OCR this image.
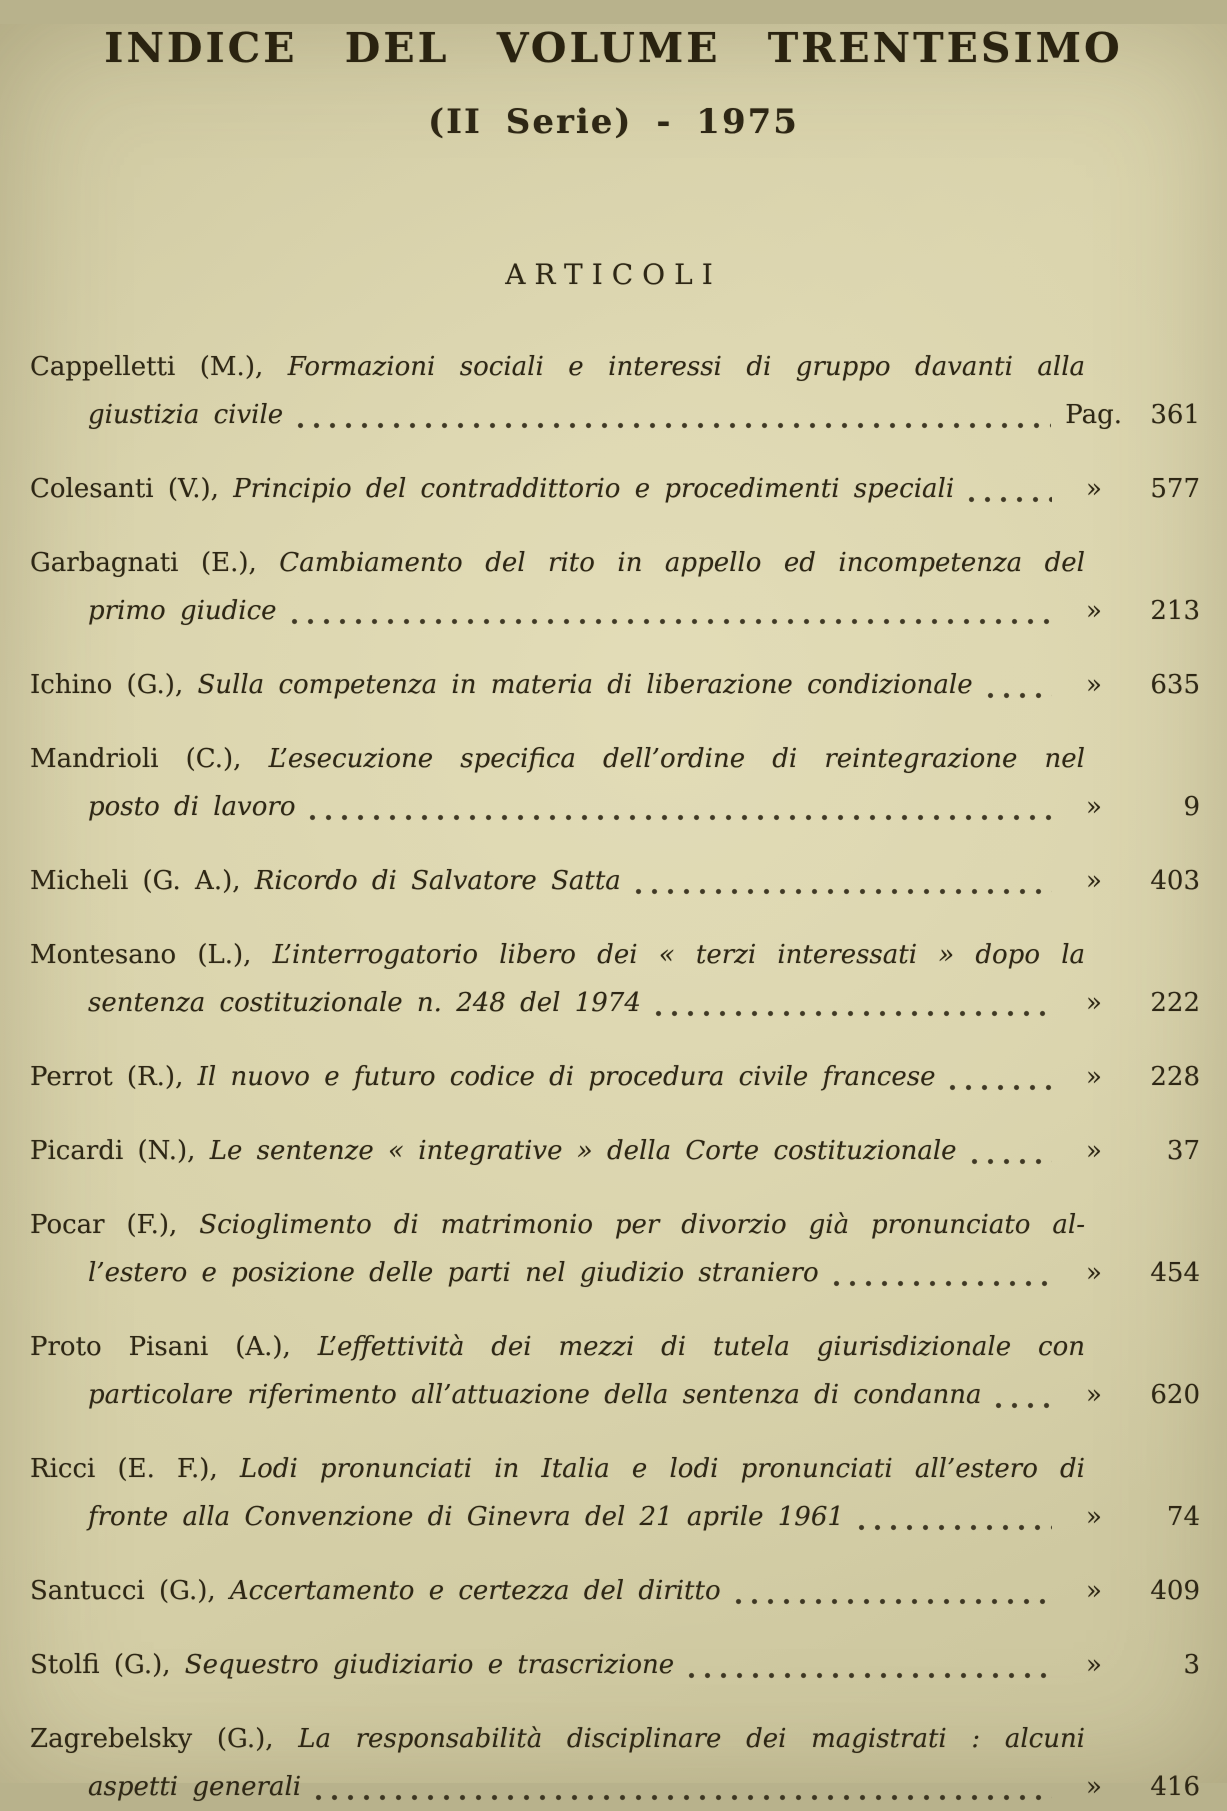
INDICE DEL VOLUME TRENTESIMO
(II Serie) - 1975
ARTICOLI
Cappelletti (M.), Formazioni sociali e interessi di gruppo davanti alla
giustizia civile	Pag.	361
Colesanti (V.), Principio del contraddittorio e procedimenti speciali	»	577
Garbagnati (E.), Cambiamento del rito in appello ed incompetenza del
primo giudice	»	213
Ichino (G.), Sulla competenza in materia di liberazione condizionale	»	635
Mandrioli (C.), L’esecuzione specifica dell’ordine di reintegrazione nel
posto di lavoro	»	9
Micheli (G. A.), Ricordo di Salvatore Satta	»	403
Montesano (L.), L’interrogatorio libero dei « terzi interessati » dopo la
sentenza costituzionale n. 248 del 1974	»	222
Perrot (R.), Il nuovo e futuro codice di procedura civile francese	»	228
Picardi (N.), Le sentenze « integrative » della Corte costituzionale	»	37
Pocar (F.), Scioglimento di matrimonio per divorzio già pronunciato al-
l’estero e posizione delle parti nel giudizio straniero	»	454
Proto Pisani (A.), L’effettività dei mezzi di tutela giurisdizionale con
particolare riferimento all’attuazione della sentenza di condanna	»	620
Ricci (E. F.), Lodi pronunciati in Italia e lodi pronunciati all’estero di
fronte alla Convenzione di Ginevra del 21 aprile 1961	»	74
Santucci (G.), Accertamento e certezza del diritto	»	409
Stolfi (G.), Sequestro giudiziario e trascrizione	»	3
Zagrebelsky (G.), La responsabilità disciplinare dei magistrati : alcuni
aspetti generali	»	416
